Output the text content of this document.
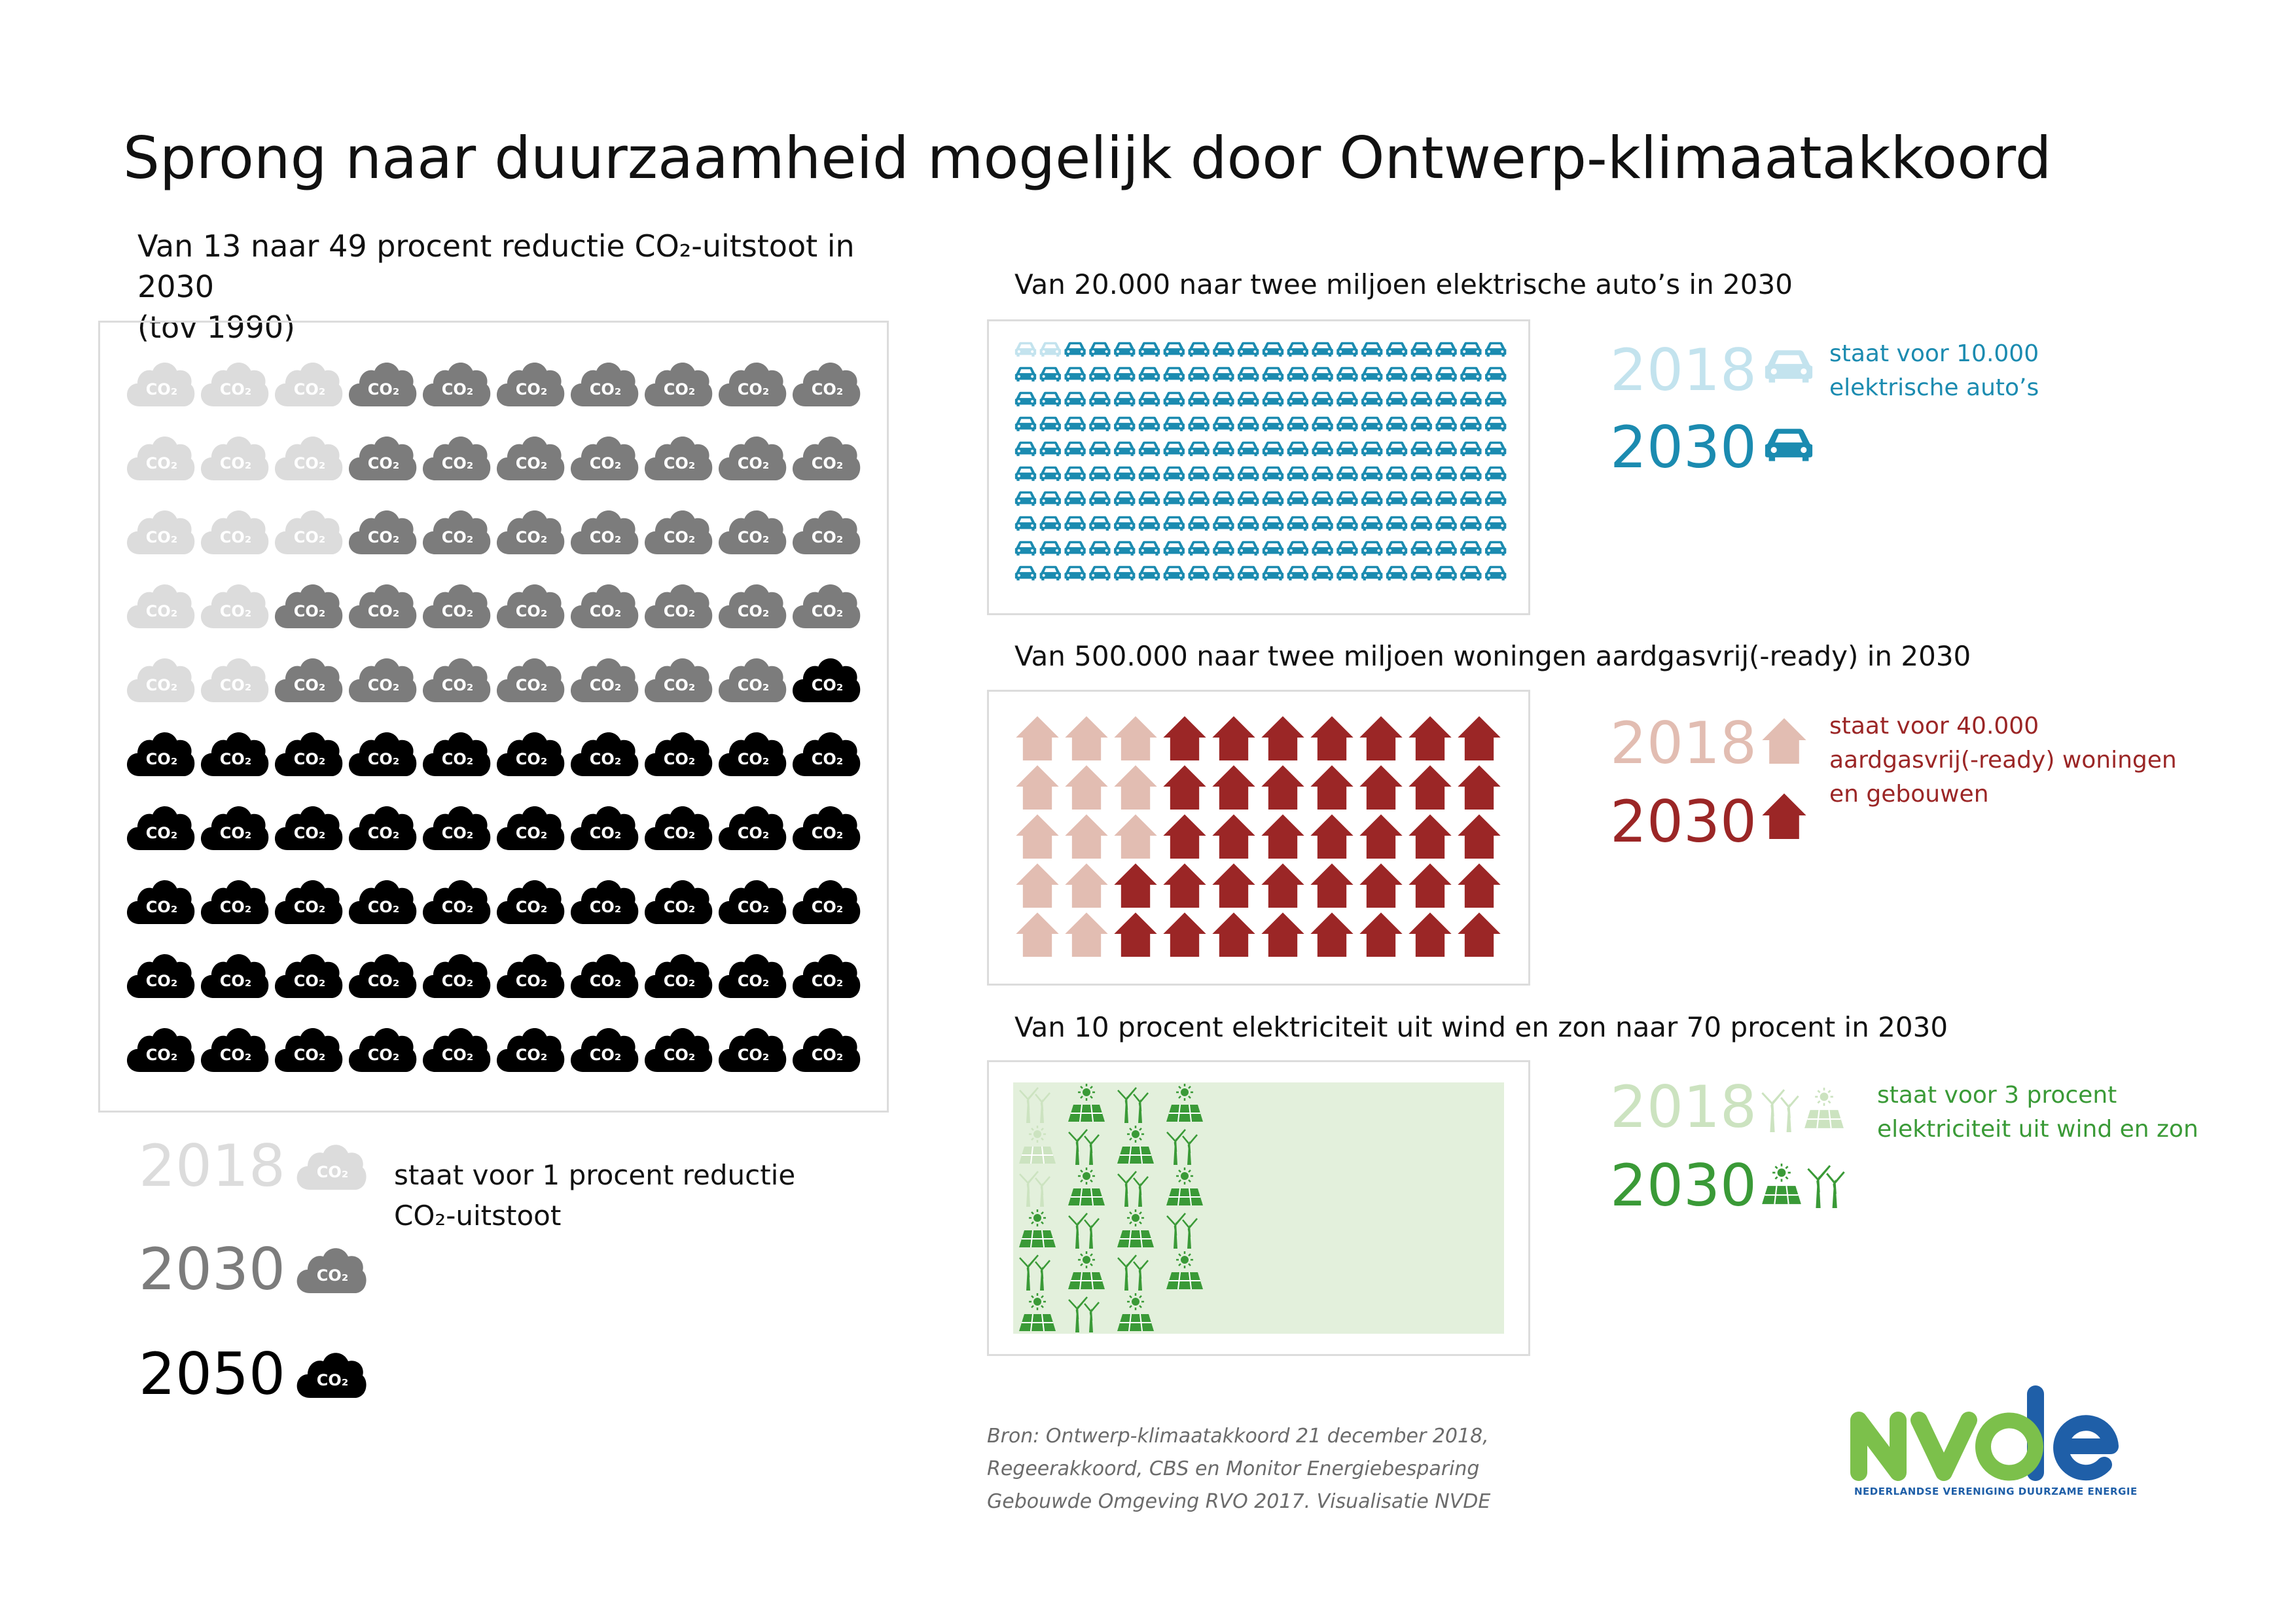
Sprong naar duurzaamheid mogelijk door Ontwerp-klimaatakkoord
Van 13 naar 49 procent reductie CO₂-uitstoot in 2030
(tov 1990)
CO₂	CO₂	CO₂	CO₂	CO₂	CO₂	CO₂	CO₂	CO₂	CO₂
CO₂	CO₂	CO₂	CO₂	CO₂	CO₂	CO₂	CO₂	CO₂	CO₂
CO₂	CO₂	CO₂	CO₂	CO₂	CO₂	CO₂	CO₂	CO₂	CO₂
CO₂	CO₂	CO₂	CO₂	CO₂	CO₂	CO₂	CO₂	CO₂	CO₂
CO₂	CO₂	CO₂	CO₂	CO₂	CO₂	CO₂	CO₂	CO₂	CO₂
CO₂	CO₂	CO₂	CO₂	CO₂	CO₂	CO₂	CO₂	CO₂	CO₂
CO₂	CO₂	CO₂	CO₂	CO₂	CO₂	CO₂	CO₂	CO₂	CO₂
CO₂	CO₂	CO₂	CO₂	CO₂	CO₂	CO₂	CO₂	CO₂	CO₂
CO₂	CO₂	CO₂	CO₂	CO₂	CO₂	CO₂	CO₂	CO₂	CO₂
CO₂	CO₂	CO₂	CO₂	CO₂	CO₂	CO₂	CO₂	CO₂	CO₂
2018 CO₂
2030 CO₂
2050 CO₂
staat voor 1 procent reductie
CO₂-uitstoot
Van 20.000 naar twee miljoen elektrische auto’s in 2030
2018
2030
staat voor 10.000
elektrische auto’s
Van 500.000 naar twee miljoen woningen aardgasvrij(-ready) in 2030
2018
2030
staat voor 40.000
aardgasvrij(-ready) woningen
en gebouwen
Van 10 procent elektriciteit uit wind en zon naar 70 procent in 2030
2018
2030
staat voor 3 procent
elektriciteit uit wind en zon
Bron: Ontwerp-klimaatakkoord 21 december 2018,
Regeerakkoord, CBS en Monitor Energiebesparing
Gebouwde Omgeving RVO 2017. Visualisatie NVDE	NEDERLANDSE VERENIGING DUURZAME ENERGIE
